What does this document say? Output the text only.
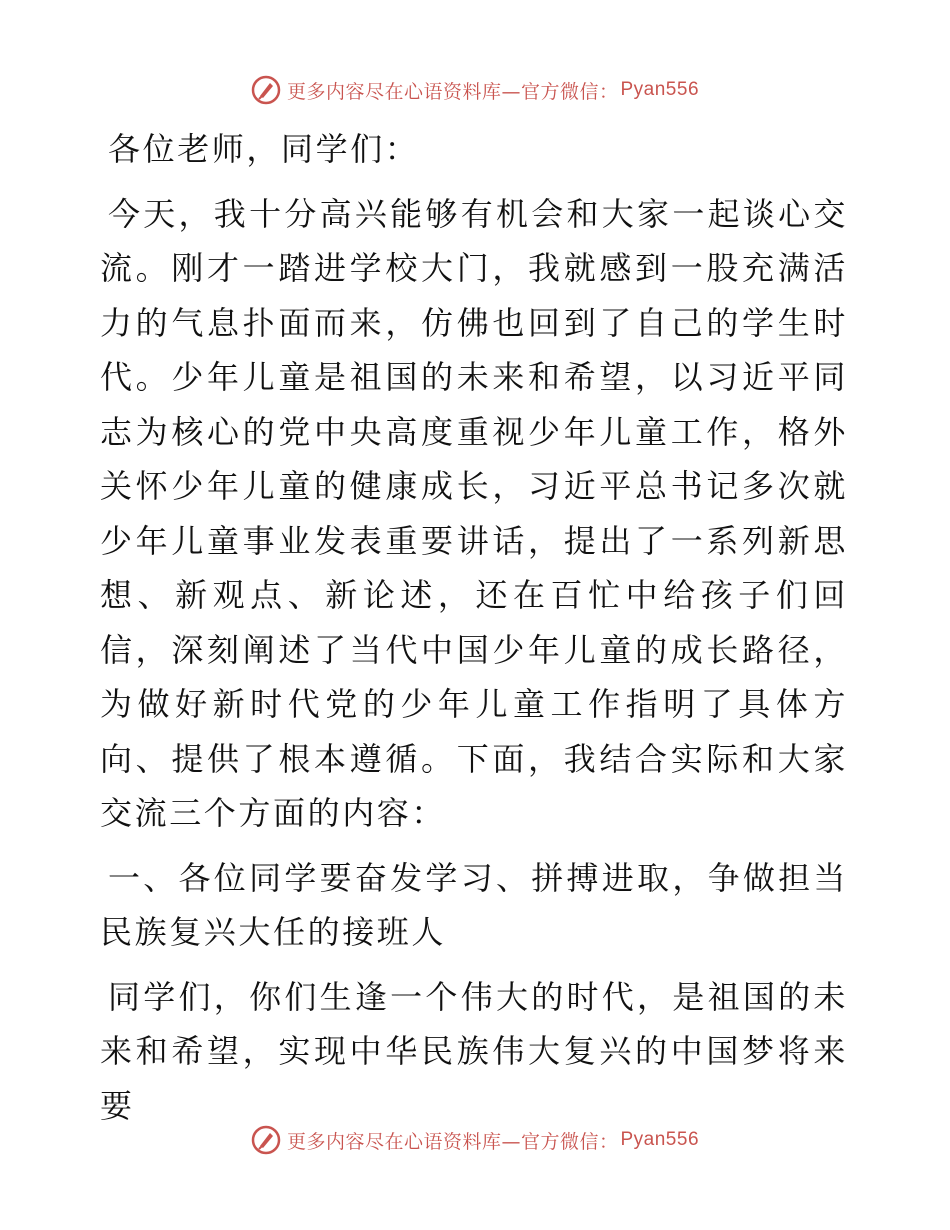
更多内容尽在心语资料库—官方微信： Pyan556

各位老师，同学们：

今天，我十分高兴能够有机会和大家一起谈心交流。刚才一踏进学校大门，我就感到一股充满活力的气息扑面而来，仿佛也回到了自己的学生时代。少年儿童是祖国的未来和希望，以习近平同志为核心的党中央高度重视少年儿童工作，格外关怀少年儿童的健康成长，习近平总书记多次就少年儿童事业发表重要讲话，提出了一系列新思想、新观点、新论述，还在百忙中给孩子们回信，深刻阐述了当代中国少年儿童的成长路径，为做好新时代党的少年儿童工作指明了具体方向、提供了根本遵循。下面，我结合实际和大家交流三个方面的内容：

一、各位同学要奋发学习、拼搏进取，争做担当民族复兴大任的接班人

同学们，你们生逢一个伟大的时代，是祖国的未来和希望，实现中华民族伟大复兴的中国梦将来要

更多内容尽在心语资料库—官方微信： Pyan556
